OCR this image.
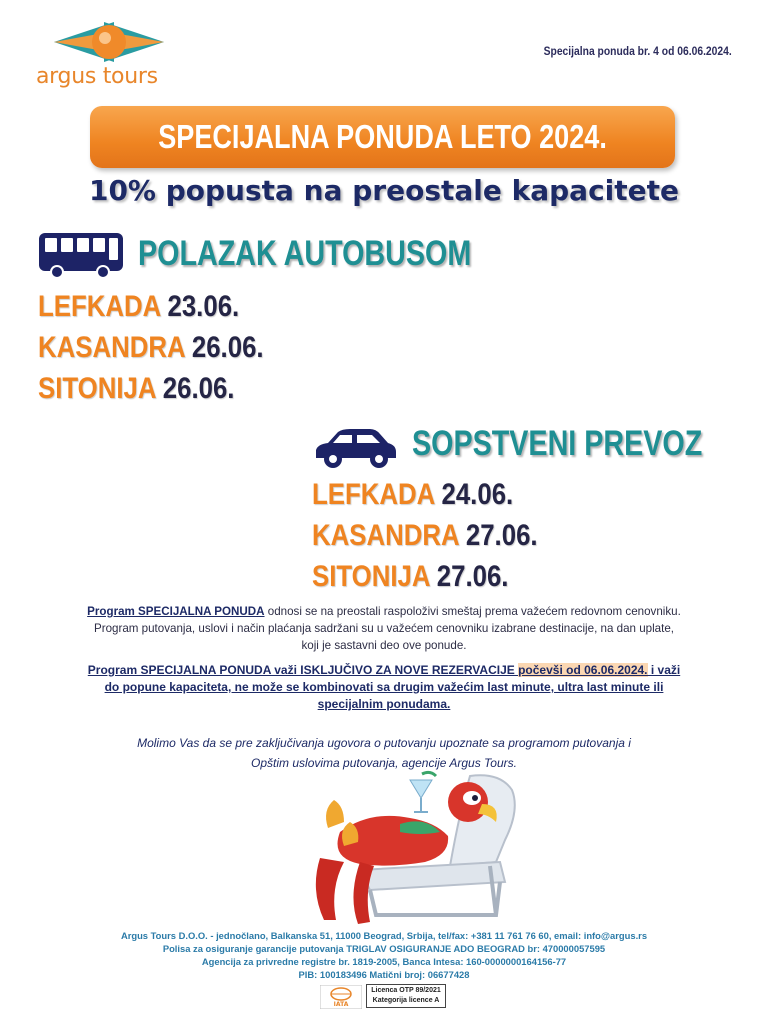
argus tours
Specijalna ponuda br. 4 od 06.06.2024.
SPECIJALNA PONUDA LETO 2024.
10% popusta na preostale kapacitete
POLAZAK AUTOBUSOM
LEFKADA 23.06.
KASANDRA 26.06.
SITONIJA 26.06.
SOPSTVENI PREVOZ
LEFKADA 24.06.
KASANDRA 27.06.
SITONIJA 27.06.
Program SPECIJALNA PONUDA odnosi se na preostali raspoloživi smeštaj prema važećem redovnom cenovniku.
Program putovanja, uslovi i način plaćanja sadržani su u važećem cenovniku izabrane destinacije, na dan uplate,
koji je sastavni deo ove ponude.
Program SPECIJALNA PONUDA važi ISKLJUČIVO ZA NOVE REZERVACIJE počevši od 06.06.2024. i važi
do popune kapaciteta, ne može se kombinovati sa drugim važećim last minute, ultra last minute ili
specijalnim ponudama.
Molimo Vas da se pre zaključivanja ugovora o putovanju upoznate sa programom putovanja i
Opštim uslovima putovanja, agencije Argus Tours.
Argus Tours D.O.O. - jednočlano, Balkanska 51, 11000 Beograd, Srbija, tel/fax: +381 11 761 76 60, email: info@argus.rs
Polisa za osiguranje garancije putovanja TRIGLAV OSIGURANJE ADO BEOGRAD br: 470000057595
Agencija za privredne registre br. 1819-2005, Banca Intesa: 160-0000000164156-77
PIB: 100183496 Matični broj: 06677428
IATA
Licenca OTP 89/2021
Kategorija licence A
